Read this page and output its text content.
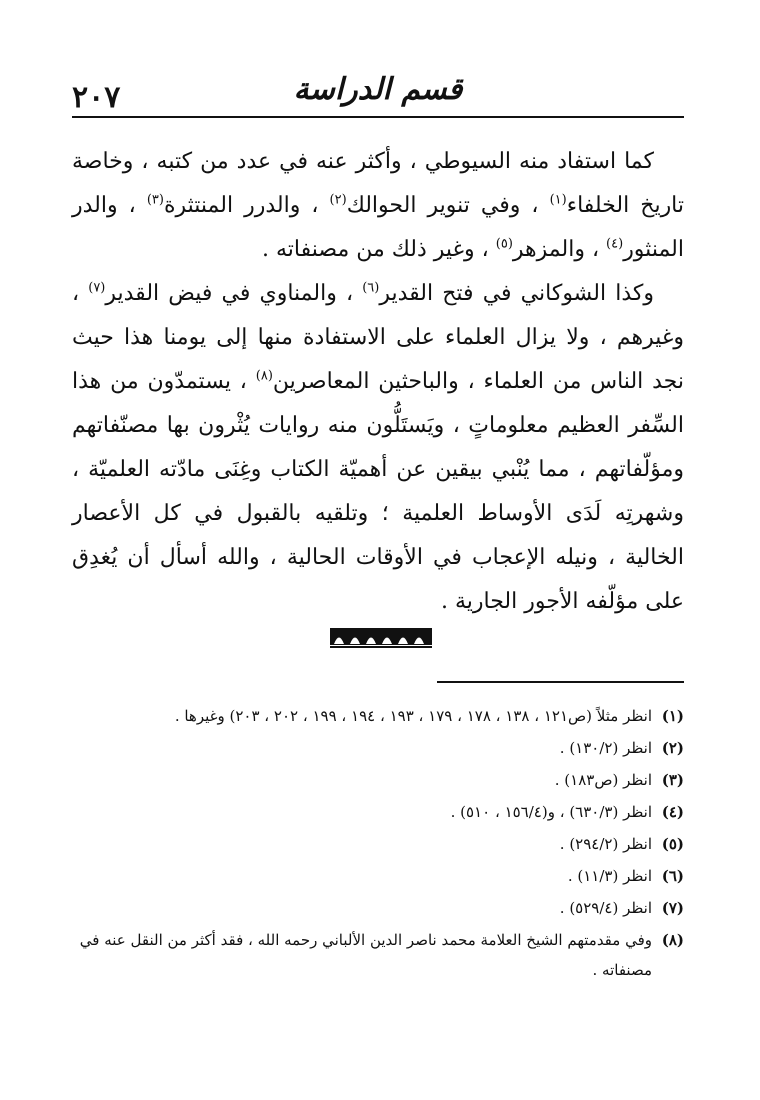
٢٠٧	قسم الدراسة

كما استفاد منه السيوطي ، وأكثر عنه في عدد من كتبه ، وخاصة تاريخ الخلفاء$^{(١)}$ ، وفي تنوير الحوالك$^{(٢)}$ ، والدرر المنتثرة$^{(٣)}$ ، والدر المنثور$^{(٤)}$ ، والمزهر$^{(٥)}$ ، وغير ذلك من مصنفاته .

وكذا الشوكاني في فتح القدير$^{(٦)}$ ، والمناوي في فيض القدير$^{(٧)}$ ، وغيرهم ، ولا يزال العلماء على الاستفادة منها إلى يومنا هذا حيث نجد الناس من العلماء ، والباحثين المعاصرين$^{(٨)}$ ، يستمدّون من هذا السِّفر العظيم معلوماتٍ ، ويَستَلُّون منه روايات يُثْرون بها مصنّفاتهم ومؤلّفاتهم ، مما يُنْبي بيقين عن أهميّة الكتاب وغِنَى مادّته العلميّة ، وشهرتِه لَدَى الأوساط العلمية ؛ وتلقيه بالقبول في كل الأعصار الخالية ، ونيله الإعجاب في الأوقات الحالية ، والله أسأل أن يُغدِق على مؤلّفه الأجور الجارية .

(١)
انظر مثلاً (ص١٢١ ، ١٣٨ ، ١٧٨ ، ١٧٩ ، ١٩٣ ، ١٩٤ ، ١٩٩ ، ٢٠٢ ، ٢٠٣) وغيرها .
(٢)
انظر (١٣٠/٢) .
(٣)
انظر (ص١٨٣) .
(٤)
انظر (٦٣٠/٣) ، و(١٥٦/٤ ، ٥١٠) .
(٥)
انظر (٢٩٤/٢) .
(٦)
انظر (١١/٣) .
(٧)
انظر (٥٢٩/٤) .
(٨)
وفي مقدمتهم الشيخ العلامة محمد ناصر الدين الألباني رحمه الله ، فقد أكثر من النقل عنه في مصنفاته .
